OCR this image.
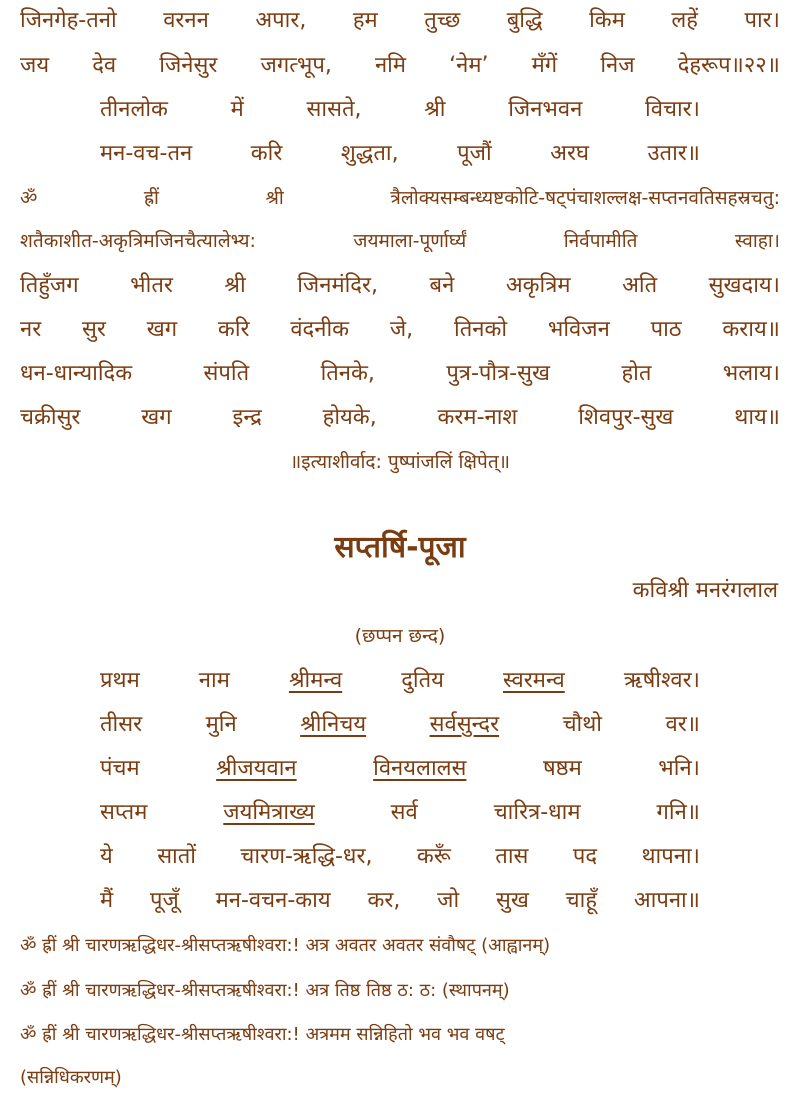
जिनगेह-तनो वरनन अपार, हम तुच्छ बुद्धि किम लहें पार।
जय देव जिनेसुर जगत्भूप, नमि ‘नेम’ मँगें निज देहरूप॥२२॥
तीनलोक	में	सासते,	श्री	जिनभवन	विचार।
मन-वच-तन	करि	शुद्धता,	पूजौं	अरघ	उतार॥
ॐ	ह्रीं	श्री	त्रैलोक्यसम्बन्ध्यष्टकोटि-षट्पंचाशल्लक्ष-सप्तनवतिसहस्रचतु:
शतैकाशीत-अकृत्रिमजिनचैत्यालेभ्य:	जयमाला-पूर्णार्घ्यं	निर्वपामीति	स्वाहा।
तिहुँजग भीतर श्री जिनमंदिर, बने अकृत्रिम अति सुखदाय।
नर सुर खग करि वंदनीक जे, तिनको भविजन पाठ कराय॥
धन-धान्यादिक	संपति	तिनके,	पुत्र-पौत्र-सुख	होत	भलाय।
चक्रीसुर	खग	इन्द्र	होयके,	करम-नाश	शिवपुर-सुख	थाय॥
॥इत्याशीर्वाद: पुष्पांजलिं क्षिपेत्॥
सप्तर्षि-पूजा
कविश्री मनरंगलाल
(छप्पन छन्द)
प्रथम	नाम	श्रीमन्व	दुतिय	स्वरमन्व	ऋषीश्वर।
तीसर	मुनि	श्रीनिचय	सर्वसुन्दर	चौथो	वर॥
पंचम	श्रीजयवान	विनयलालस	षष्ठम	भनि।
सप्तम	जयमित्राख्य	सर्व	चारित्र-धाम	गनि॥
ये सातों चारण-ऋद्धि-धर, करूँ तास पद थापना।
मैं पूजूँ मन-वचन-काय कर, जो सुख चाहूँ आपना॥
ॐ ह्रीं श्री चारणऋद्धिधर-श्रीसप्तऋषीश्वरा:! अत्र अवतर अवतर संवौषट् (आह्वानम्)
ॐ ह्रीं श्री चारणऋद्धिधर-श्रीसप्तऋषीश्वरा:! अत्र तिष्ठ तिष्ठ ठ: ठ: (स्थापनम्)
ॐ ह्रीं श्री चारणऋद्धिधर-श्रीसप्तऋषीश्वरा:! अत्रमम सन्निहितो भव भव वषट्
(सन्निधिकरणम्)
